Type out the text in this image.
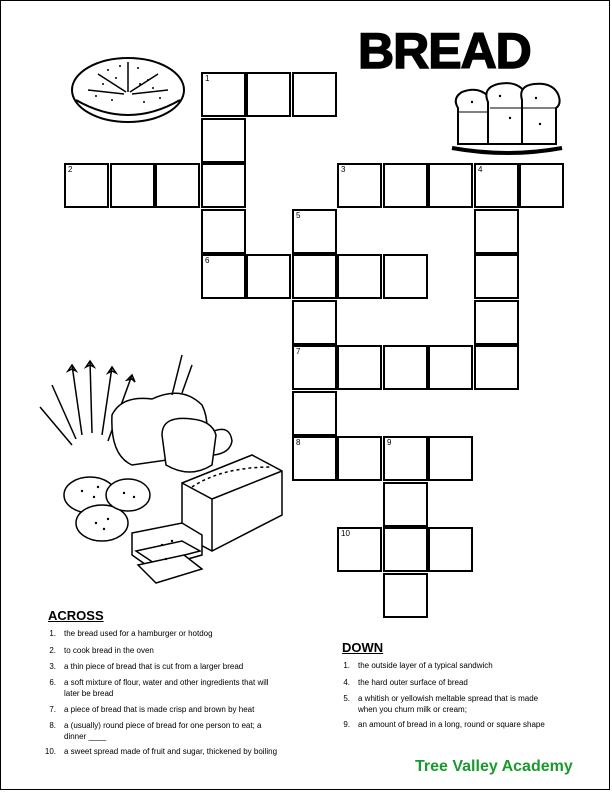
BREAD
1
2	3	4
5
6
7
8	9
10
ACROSS
1. the bread used for a hamburger or hotdog
2. to cook bread in the oven
3. a thin piece of bread that is cut from a larger bread
6. a soft mixture of flour, water and other ingredients that will
later be bread
7. a piece of bread that is made crisp and brown by heat
8. a (usually) round piece of bread for one person to eat; a
dinner ____
10. a sweet spread made of fruit and sugar, thickened by boiling
DOWN
1. the outside layer of a typical sandwich
4. the hard outer surface of bread
5. a whitish or yellowish meltable spread that is made
when you churn milk or cream;
9. an amount of bread in a long, round or square shape
Tree Valley Academy
